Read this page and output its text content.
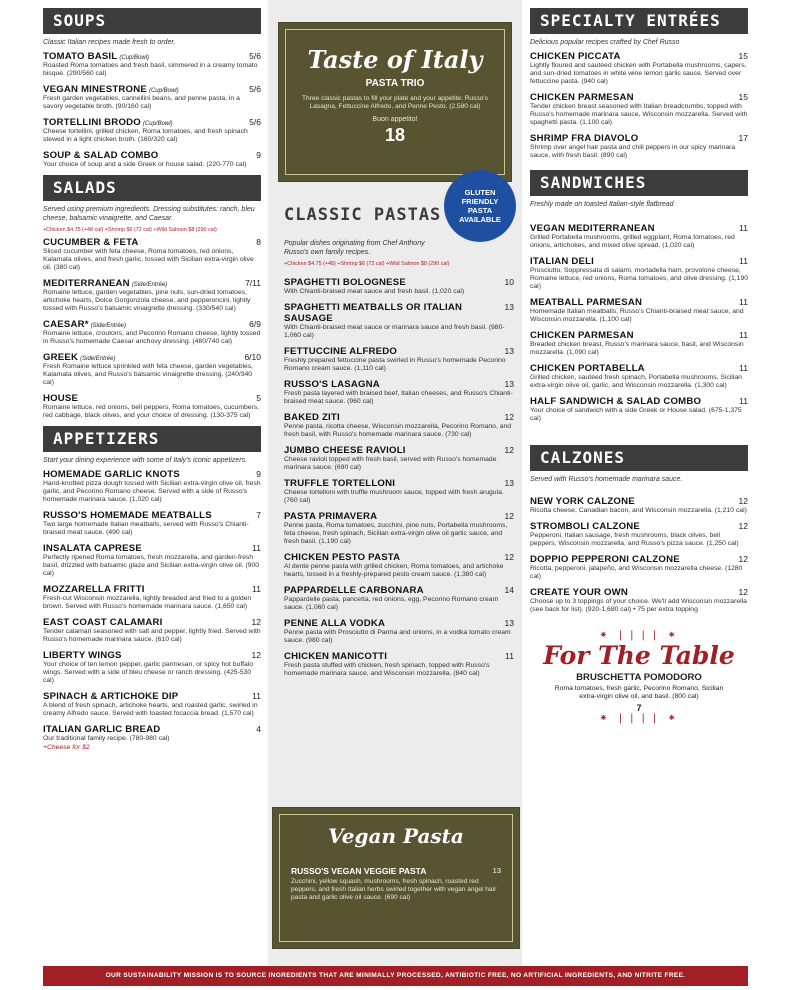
SOUPS
Classic Italian recipes made fresh to order.
TOMATO BASIL (Cup/Bowl)	5/6
Roasted Roma tomatoes and fresh basil, simmered in a creamy tomato bisque. (290/560 cal)
VEGAN MINESTRONE (Cup/Bowl)	5/6
Fresh garden vegetables, cannellini beans, and penne pasta, in a savory vegetable broth. (90/160 cal)
TORTELLINI BRODO (Cup/Bowl)	5/6
Cheese tortellini, grilled chicken, Roma tomatoes, and fresh spinach stewed in a light chicken broth. (160/320 cal)
SOUP & SALAD COMBO	9
Your choice of soup and a side Greek or house salad. (220-770 cal)
SALADS
Served using premium ingredients. Dressing substitutes: ranch, bleu cheese, balsamic vinaigrette, and Caesar.
+Chicken $4.75 (+48 cal) +Shrimp $6 (72 cal) +Wild Salmon $8 (290 cal)
CUCUMBER & FETA	8
Sliced cucumber with feta cheese, Roma tomatoes, red onions, Kalamata olives, and fresh garlic, tossed with Sicilian extra-virgin olive oil. (380 cal)
MEDITERRANEAN (Side/Entrée)	7/11
Romaine lettuce, garden vegetables, pine nuts, sun-dried tomatoes, artichoke hearts, Dolce Gorgonzola cheese, and pepperoncini, lightly tossed with Russo's balsamic vinaigrette dressing. (330/540 cal)
CAESAR* (Side/Entrée)	6/9
Romaine lettuce, croutons, and Pecorino Romano cheese, lightly tossed in Russo's homemade Caesar anchovy dressing. (480/740 cal)
GREEK (Side/Entrée)	6/10
Fresh Romaine lettuce sprinkled with feta cheese, garden vegetables, Kalamata olives, and Russo's balsamic vinaigrette dressing. (240/340 cal)
HOUSE	5
Romaine lettuce, red onions, bell peppers, Roma tomatoes, cucumbers, red cabbage, black olives, and your choice of dressing. (130-375 cal)
APPETIZERS
Start your dining experience with some of Italy's iconic appetizers.
HOMEMADE GARLIC KNOTS	9
Hand-knotted pizza dough tossed with Sicilian extra-virgin olive oil, fresh garlic, and Pecorino Romano cheese. Served with a side of Russo's homemade marinara sauce. (1,020 cal)
RUSSO'S HOMEMADE MEATBALLS	7
Two large homemade Italian meatballs, served with Russo's Chianti-braised meat sauce. (490 cal)
INSALATA CAPRESE	11
Perfectly ripened Roma tomatoes, fresh mozzarella, and garden-fresh basil, drizzled with balsamic glaze and Sicilian extra-virgin olive oil. (900 cal)
MOZZARELLA FRITTI	11
Fresh-cut Wisconsin mozzarella, lightly breaded and fried to a golden brown. Served with Russo's homemade marinara sauce. (1,650 cal)
EAST COAST CALAMARI	12
Tender calamari seasoned with salt and pepper, lightly fried. Served with Russo's homemade marinara sauce. (610 cal)
LIBERTY WINGS	12
Your choice of ten lemon pepper, garlic parmesan, or spicy hot buffalo wings. Served with a side of bleu cheese or ranch dressing. (425-530 cal)
SPINACH & ARTICHOKE DIP	11
A blend of fresh spinach, artichoke hearts, and roasted garlic, swirled in creamy Alfredo sauce. Served with toasted focaccia bread. (1,570 cal)
ITALIAN GARLIC BREAD	4
Our traditional family recipe. (780-980 cal)
+Cheese for $2
Taste of Italy
PASTA TRIO
Three classic pastas to fill your plate and your appetite: Russo's Lasagna, Fettuccine Alfredo, and Penne Pesto. (2,580 cal)
Buon appetito!
18
CLASSIC PASTAS
Popular dishes originating from Chef Anthony Russo's own family recipes.
+Chicken $4.75 (+48) +Shrimp $6 (72 cal) +Wild Salmon $8 (290 cal)
SPAGHETTI BOLOGNESE	10
With Chianti-braised meat sauce and fresh basil. (1,020 cal)
SPAGHETTI MEATBALLS OR ITALIAN SAUSAGE
13
With Chianti-braised meat sauce or marinara sauce and fresh basil. (980-1,060 cal)
FETTUCCINE ALFREDO	13
Freshly prepared fettuccine pasta swirled in Russo's homemade Pecorino Romano cream sauce. (1,110 cal)
RUSSO'S LASAGNA	13
Fresh pasta layered with braised beef, Italian cheeses, and Russo's Chianti-braised meat sauce. (960 cal)
BAKED ZITI	12
Penne pasta, ricotta cheese, Wisconsin mozzarella, Pecorino Romano, and fresh basil, with Russo's homemade marinara sauce. (730 cal)
JUMBO CHEESE RAVIOLI	12
Cheese ravioli topped with fresh basil, served with Russo's homemade marinara sauce. (690 cal)
TRUFFLE TORTELLONI	13
Cheese tortelloni with truffle mushroom sauce, topped with fresh arugula. (760 cal)
PASTA PRIMAVERA	12
Penne pasta, Roma tomatoes, zucchini, pine nuts, Portabella mushrooms, feta cheese, fresh spinach, Sicilian extra-virgin olive oil garlic sauce, and fresh basil. (1,190 cal)
CHICKEN PESTO PASTA	12
Al dente penne pasta with grilled chicken, Roma tomatoes, and artichoke hearts, tossed in a freshly-prepared pesto cream sauce. (1,380 cal)
PAPPARDELLE CARBONARA	14
Pappardelle pasta, pancetta, red onions, egg, Pecorino Romano cream sauce. (1,060 cal)
PENNE ALLA VODKA	13
Penne pasta with Prosciutto di Parma and onions, in a vodka tomato cream sauce. (980 cal)
CHICKEN MANICOTTI	11
Fresh pasta stuffed with chicken, fresh spinach, topped with Russo's homemade marinara sauce, and Wisconsin mozzarella. (840 cal)
Vegan Pasta
RUSSO'S VEGAN VEGGIE PASTA	13
Zucchini, yellow squash, mushrooms, fresh spinach, roasted red peppers, and fresh Italian herbs swirled together with vegan angel hair pasta and garlic olive oil sauce. (690 cal)
GLUTEN
FRIENDLY
PASTA
AVAILABLE
SPECIALTY ENTRÉES
Delicious popular recipes crafted by Chef Russo
CHICKEN PICCATA	15
Lightly floured and sautéed chicken with Portabella mushrooms, capers, and sun-dried tomatoes in white wine lemon garlic sauce. Served over fettuccine pasta. (940 cal)
CHICKEN PARMESAN	15
Tender chicken breast seasoned with Italian breadcrumbs, topped with Russo's homemade marinara sauce, Wisconsin mozzarella. Served with spaghetti pasta. (1,100 cal)
SHRIMP FRA DIAVOLO	17
Shrimp over angel hair pasta and chili peppers in our spicy marinara sauce, with fresh basil. (890 cal)
SANDWICHES
Freshly made on toasted Italian-style flatbread
VEGAN MEDITERRANEAN	11
Grilled Portabella mushrooms, grilled eggplant, Roma tomatoes, red onions, artichokes, and mixed olive spread. (1,020 cal)
ITALIAN DELI	11
Prosciutto, Soppressata di salami, mortadella ham, provolone cheese, Romaine lettuce, red onions, Roma tomatoes, and olive dressing. (1,190 cal)
MEATBALL PARMESAN	11
Homemade Italian meatballs, Russo's Chianti-braised meat sauce, and Wisconsin mozzarella. (1,100 cal)
CHICKEN PARMESAN	11
Breaded chicken breast, Russo's marinara sauce, basil, and Wisconsin mozzarella. (1,090 cal)
CHICKEN PORTABELLA	11
Grilled chicken, sautéed fresh spinach, Portabella mushrooms, Sicilian extra-virgin olive oil, garlic, and Wisconsin mozzarella. (1,300 cal)
HALF SANDWICH & SALAD COMBO	11
Your choice of sandwich with a side Greek or House salad. (675-1,375 cal)
CALZONES
Served with Russo's homemade marinara sauce.
NEW YORK CALZONE	12
Ricotta cheese, Canadian bacon, and Wisconsin mozzarella. (1,210 cal)
STROMBOLI CALZONE	12
Pepperoni, Italian sausage, fresh mushrooms, black olives, bell peppers, Wisconsin mozzarella, and Russo's pizza sauce. (1,250 cal)
DOPPIO PEPPERONI CALZONE	12
Ricotta, pepperoni, jalapeño, and Wisconsin mozzarella cheese. (1280 cal)
CREATE YOUR OWN	12
Choose up to 3 toppings of your choice. We'll add Wisconsin mozzarella (see back for list). (920-1,680 cal) • 75 per extra topping
⁕ ❘❘❘❘ ⁕
For The Table
BRUSCHETTA POMODORO
Roma tomatoes, fresh garlic, Pecorino Romano, Sicilian extra-virgin olive oil, and basil. (800 cal)
7
⁕ ❘❘❘❘ ⁕
OUR SUSTAINABILITY MISSION IS TO SOURCE INGREDIENTS THAT ARE MINIMALLY PROCESSED, ANTIBIOTIC FREE, NO ARTIFICIAL INGREDIENTS, AND NITRITE FREE.
